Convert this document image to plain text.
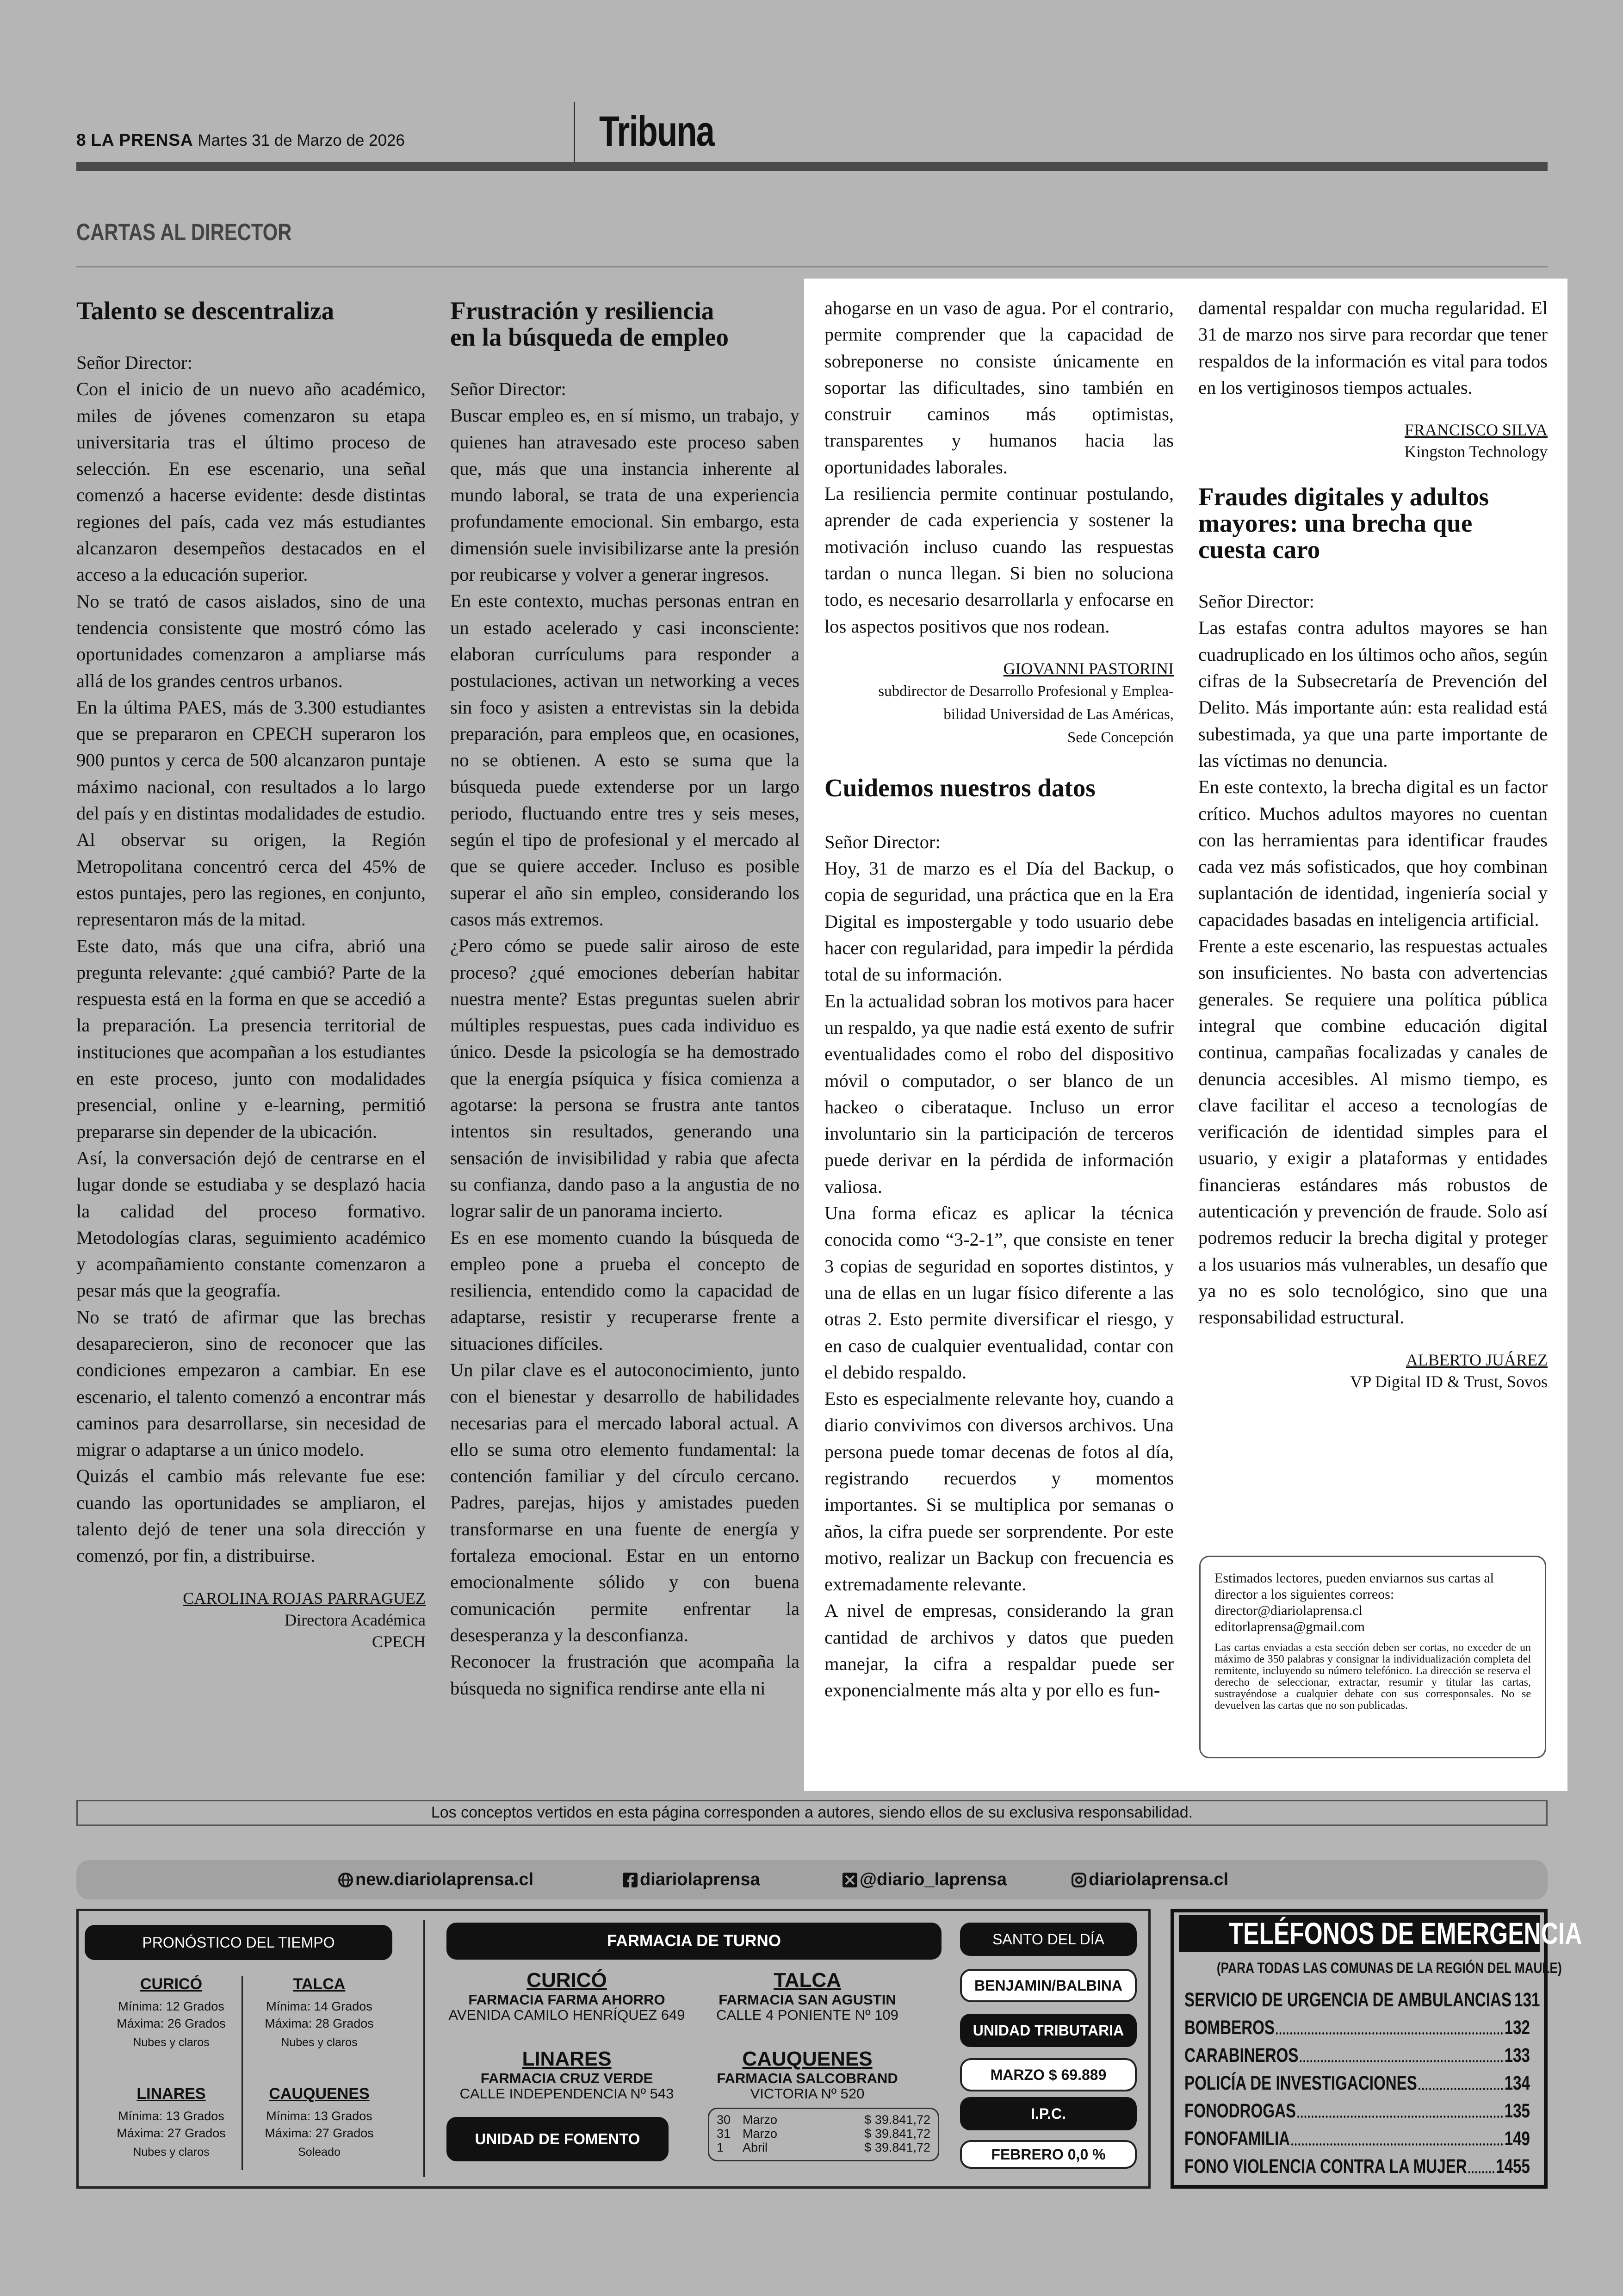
8 LA PRENSA Martes 31 de Marzo de 2026	Tribuna
CARTAS AL DIRECTOR
Talento se descentraliza

Señor Director:

Con el inicio de un nuevo año académico, miles de jóvenes comenzaron su etapa universitaria tras el último proceso de selección. En ese escenario, una señal comenzó a hacerse evidente: desde distintas regiones del país, cada vez más estudiantes alcanzaron desempeños destacados en el acceso a la educación superior.

No se trató de casos aislados, sino de una tendencia consistente que mostró cómo las oportunidades comenzaron a ampliarse más allá de los grandes centros urbanos.

En la última PAES, más de 3.300 estudiantes que se prepararon en CPECH superaron los 900 puntos y cerca de 500 alcanzaron puntaje máximo nacional, con resultados a lo largo del país y en distintas modalidades de estudio. Al observar su origen, la Región Metropolitana concentró cerca del 45% de estos puntajes, pero las regiones, en conjunto, representaron más de la mitad.

Este dato, más que una cifra, abrió una pregunta relevante: ¿qué cambió? Parte de la respuesta está en la forma en que se accedió a la preparación. La presencia territorial de instituciones que acompañan a los estudiantes en este proceso, junto con modalidades presencial, online y e-learning, permitió prepararse sin depender de la ubicación.

Así, la conversación dejó de centrarse en el lugar donde se estudiaba y se desplazó hacia la calidad del proceso formativo. Metodologías claras, seguimiento académico y acompañamiento constante comenzaron a pesar más que la geografía.

No se trató de afirmar que las brechas desaparecieron, sino de reconocer que las condiciones empezaron a cambiar. En ese escenario, el talento comenzó a encontrar más caminos para desarrollarse, sin necesidad de migrar o adaptarse a un único modelo.

Quizás el cambio más relevante fue ese: cuando las oportunidades se ampliaron, el talento dejó de tener una sola dirección y comenzó, por fin, a distribuirse.

CAROLINA ROJAS PARRAGUEZ

Directora Académica

CPECH

Frustración y resiliencia
en la búsqueda de empleo

Señor Director:

Buscar empleo es, en sí mismo, un trabajo, y quienes han atravesado este proceso saben que, más que una instancia inherente al mundo laboral, se trata de una experiencia profundamente emocional. Sin embargo, esta dimensión suele invisibilizarse ante la presión por reubicarse y volver a generar ingresos.

En este contexto, muchas personas entran en un estado acelerado y casi inconsciente: elaboran currículums para responder a postulaciones, activan un networking a veces sin foco y asisten a entrevistas sin la debida preparación, para empleos que, en ocasiones, no se obtienen. A esto se suma que la búsqueda puede extenderse por un largo periodo, fluctuando entre tres y seis meses, según el tipo de profesional y el mercado al que se quiere acceder. Incluso es posible superar el año sin empleo, considerando los casos más extremos.

¿Pero cómo se puede salir airoso de este proceso? ¿qué emociones deberían habitar nuestra mente? Estas preguntas suelen abrir múltiples respuestas, pues cada individuo es único. Desde la psicología se ha demostrado que la energía psíquica y física comienza a agotarse: la persona se frustra ante tantos intentos sin resultados, generando una sensación de invisibilidad y rabia que afecta su confianza, dando paso a la angustia de no lograr salir de un panorama incierto.

Es en ese momento cuando la búsqueda de empleo pone a prueba el concepto de resiliencia, entendido como la capacidad de adaptarse, resistir y recuperarse frente a situaciones difíciles.

Un pilar clave es el autoconocimiento, junto con el bienestar y desarrollo de habilidades necesarias para el mercado laboral actual. A ello se suma otro elemento fundamental: la contención familiar y del círculo cercano. Padres, parejas, hijos y amistades pueden transformarse en una fuente de energía y fortaleza emocional. Estar en un entorno emocionalmente sólido y con buena comunicación permite enfrentar la desesperanza y la desconfianza.

Reconocer la frustración que acompaña la búsqueda no significa rendirse ante ella ni

ahogarse en un vaso de agua. Por el contrario, permite comprender que la capacidad de sobreponerse no consiste únicamente en soportar las dificultades, sino también en construir caminos más optimistas, transparentes y humanos hacia las oportunidades laborales.

La resiliencia permite continuar postulando, aprender de cada experiencia y sostener la motivación incluso cuando las respuestas tardan o nunca llegan. Si bien no soluciona todo, es necesario desarrollarla y enfocarse en los aspectos positivos que nos rodean.

GIOVANNI PASTORINI

subdirector de Desarrollo Profesional y Emplea-

bilidad Universidad de Las Américas,

Sede Concepción

Cuidemos nuestros datos

Señor Director:

Hoy, 31 de marzo es el Día del Backup, o copia de seguridad, una práctica que en la Era Digital es impostergable y todo usuario debe hacer con regularidad, para impedir la pérdida total de su información.

En la actualidad sobran los motivos para hacer un respaldo, ya que nadie está exento de sufrir eventualidades como el robo del dispositivo móvil o computador, o ser blanco de un hackeo o ciberataque. Incluso un error involuntario sin la participación de terceros puede derivar en la pérdida de información valiosa.

Una forma eficaz es aplicar la técnica conocida como “3-2-1”, que consiste en tener 3 copias de seguridad en soportes distintos, y una de ellas en un lugar físico diferente a las otras 2. Esto permite diversificar el riesgo, y en caso de cualquier eventualidad, contar con el debido respaldo.

Esto es especialmente relevante hoy, cuando a diario convivimos con diversos archivos. Una persona puede tomar decenas de fotos al día, registrando recuerdos y momentos importantes. Si se multiplica por semanas o años, la cifra puede ser sorprendente. Por este motivo, realizar un Backup con frecuencia es extremadamente relevante.

A nivel de empresas, considerando la gran cantidad de archivos y datos que pueden manejar, la cifra a respaldar puede ser exponencialmente más alta y por ello es fun-

damental respaldar con mucha regularidad. El 31 de marzo nos sirve para recordar que tener respaldos de la información es vital para todos en los vertiginosos tiempos actuales.

FRANCISCO SILVA

Kingston Technology

Fraudes digitales y adultos
mayores: una brecha que
cuesta caro

Señor Director:

Las estafas contra adultos mayores se han cuadruplicado en los últimos ocho años, según cifras de la Subsecretaría de Prevención del Delito. Más importante aún: esta realidad está subestimada, ya que una parte importante de las víctimas no denuncia.

En este contexto, la brecha digital es un factor crítico. Muchos adultos mayores no cuentan con las herramientas para identificar fraudes cada vez más sofisticados, que hoy combinan suplantación de identidad, ingeniería social y capacidades basadas en inteligencia artificial.

Frente a este escenario, las respuestas actuales son insuficientes. No basta con advertencias generales. Se requiere una política pública integral que combine educación digital continua, campañas focalizadas y canales de denuncia accesibles. Al mismo tiempo, es clave facilitar el acceso a tecnologías de verificación de identidad simples para el usuario, y exigir a plataformas y entidades financieras estándares más robustos de autenticación y prevención de fraude. Solo así podremos reducir la brecha digital y proteger a los usuarios más vulnerables, un desafío que ya no es solo tecnológico, sino que una responsabilidad estructural.

ALBERTO JUÁREZ

VP Digital ID & Trust, Sovos

Estimados lectores, pueden enviarnos sus cartas al director a los siguientes correos:
director@diariolaprensa.cl
editorlaprensa@gmail.com

Las cartas enviadas a esta sección deben ser cortas, no exceder de un máximo de 350 palabras y consignar la individualización completa del remitente, incluyendo su número telefónico. La dirección se reserva el derecho de seleccionar, extractar, resumir y titular las cartas, sustrayéndose a cualquier debate con sus corresponsales. No se devuelven las cartas que no son publicadas.

Los conceptos vertidos en esta página corresponden a autores, siendo ellos de su exclusiva responsabilidad.
new.diariolaprensa.cl	diariolaprensa	@diario_laprensa	diariolaprensa.cl
PRONÓSTICO DEL TIEMPO
CURICÓ
Mínima: 12 Grados
Máxima: 26 Grados
Nubes y claros
TALCA
Mínima: 14 Grados
Máxima: 28 Grados
Nubes y claros
LINARES
Mínima: 13 Grados
Máxima: 27 Grados
Nubes y claros
CAUQUENES
Mínima: 13 Grados
Máxima: 27 Grados
Soleado
FARMACIA DE TURNO
CURICÓ
FARMACIA FARMA AHORRO
AVENIDA CAMILO HENRÍQUEZ 649
TALCA
FARMACIA SAN AGUSTIN
CALLE 4 PONIENTE Nº 109
LINARES
FARMACIA CRUZ VERDE
CALLE INDEPENDENCIA Nº 543
CAUQUENES
FARMACIA SALCOBRAND
VICTORIA Nº 520
UNIDAD DE FOMENTO
30	Marzo	$ 39.841,72
31	Marzo	$ 39.841,72
1	Abril	$ 39.841,72
SANTO DEL DÍA
BENJAMIN/BALBINA
UNIDAD TRIBUTARIA
MARZO $ 69.889
I.P.C.
FEBRERO 0,0 %
TELÉFONOS DE EMERGENCIA
(PARA TODAS LAS COMUNAS DE LA REGIÓN DEL MAULE)
SERVICIO DE URGENCIA DE AMBULANCIAS 131
BOMBEROS	132
CARABINEROS	133
POLICÍA DE INVESTIGACIONES	134
FONODROGAS	135
FONOFAMILIA	149
FONO VIOLENCIA CONTRA LA MUJER 1455
